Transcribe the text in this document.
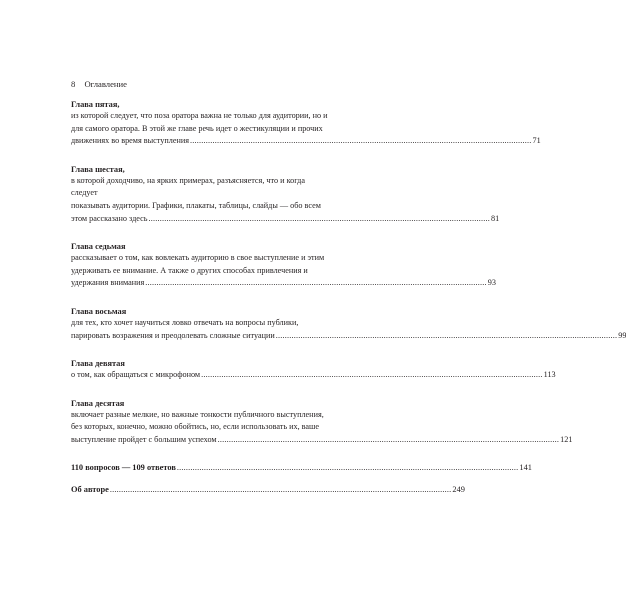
8 Оглавление
Глава пятая,
из которой следует, что поза оратора важна не только для аудитории, но и
для самого оратора. В этой же главе речь идет о жестикуляции и прочих
движениях во время выступления ........................................................................................................................................................ 71
Глава шестая,
в которой доходчиво, на ярких примерах, разъясняется, что и когда следует
показывать аудитории. Графики, плакаты, таблицы, слайды — обо всем
этом рассказано здесь ........................................................................................................................................................ 81
Глава седьмая
рассказывает о том, как вовлекать аудиторию в свое выступление и этим
удерживать ее внимание. А также о других способах привлечения и
удержания внимания ........................................................................................................................................................ 93
Глава восьмая
для тех, кто хочет научиться ловко отвечать на вопросы публики,
парировать возражения и преодолевать сложные ситуации ........................................................................................................................................................ 99
Глава девятая
о том, как обращаться с микрофоном ........................................................................................................................................................ 113
Глава десятая
включает разные мелкие, но важные тонкости публичного выступления,
без которых, конечно, можно обойтись, но, если использовать их, ваше
выступление пройдет с большим успехом ........................................................................................................................................................ 121
110 вопросов — 109 ответов ........................................................................................................................................................ 141
Об авторе ........................................................................................................................................................ 249
